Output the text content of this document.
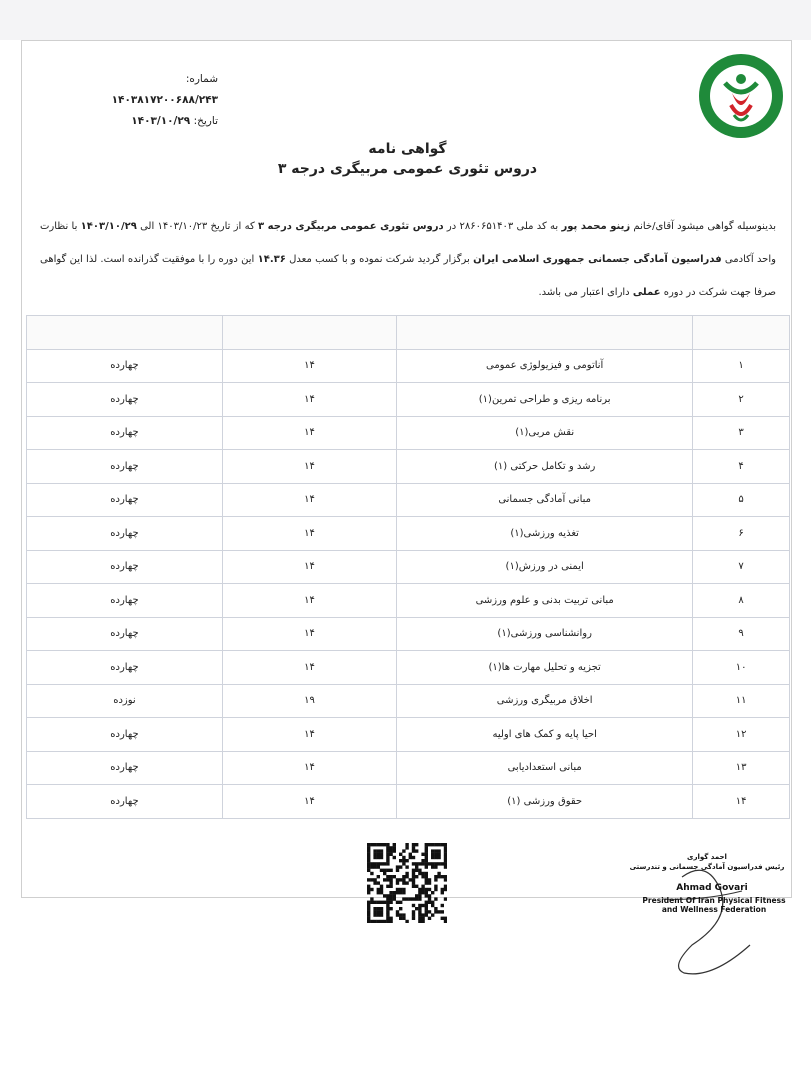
شماره: ۱۴۰۳۸۱۷۲۰۰۶۸۸/۲۴۳
تاریخ: ۱۴۰۳/۱۰/۲۹
گواهی نامه
دروس تئوری عمومی مربیگری درجه ۳
بدینوسیله گواهی میشود آقای/خانم زینو محمد پور به کد ملی ۲۸۶۰۶۵۱۴۰۳ در دروس تئوری عمومی مربیگری درجه ۳ که از تاریخ ۱۴۰۳/۱۰/۲۳ الی ۱۴۰۳/۱۰/۲۹ با نظارت واحد آکادمی فدراسیون آمادگی جسمانی جمهوری اسلامی ایران برگزار گردید شرکت نموده و با کسب معدل ۱۴.۳۶ این دوره را با موفقیت گذرانده است. لذا این گواهی صرفا جهت شرکت در دوره عملی دارای اعتبار می باشد.

۱	آناتومی و فیزیولوژی عمومی	۱۴	چهارده
۲	برنامه ریزی و طراحی تمرین(۱)	۱۴	چهارده
۳	نقش مربی(۱)	۱۴	چهارده
۴	رشد و تکامل حرکتی (۱)	۱۴	چهارده
۵	مبانی آمادگی جسمانی	۱۴	چهارده
۶	تغذیه ورزشی(۱)	۱۴	چهارده
۷	ایمنی در ورزش(۱)	۱۴	چهارده
۸	مبانی تربیت بدنی و علوم ورزشی	۱۴	چهارده
۹	روانشناسی ورزشی(۱)	۱۴	چهارده
۱۰	تجزیه و تحلیل مهارت ها(۱)	۱۴	چهارده
۱۱	اخلاق مربیگری ورزشی	۱۹	نوزده
۱۲	احیا پایه و کمک های اولیه	۱۴	چهارده
۱۳	مبانی استعدادیابی	۱۴	چهارده
۱۴	حقوق ورزشی (۱)	۱۴	چهارده
احمد گواری
رئیس فدراسیون آمادگی جسمانی و تندرستی
Ahmad Govari
President Of Iran Physical Fitness
and Wellness Federation
